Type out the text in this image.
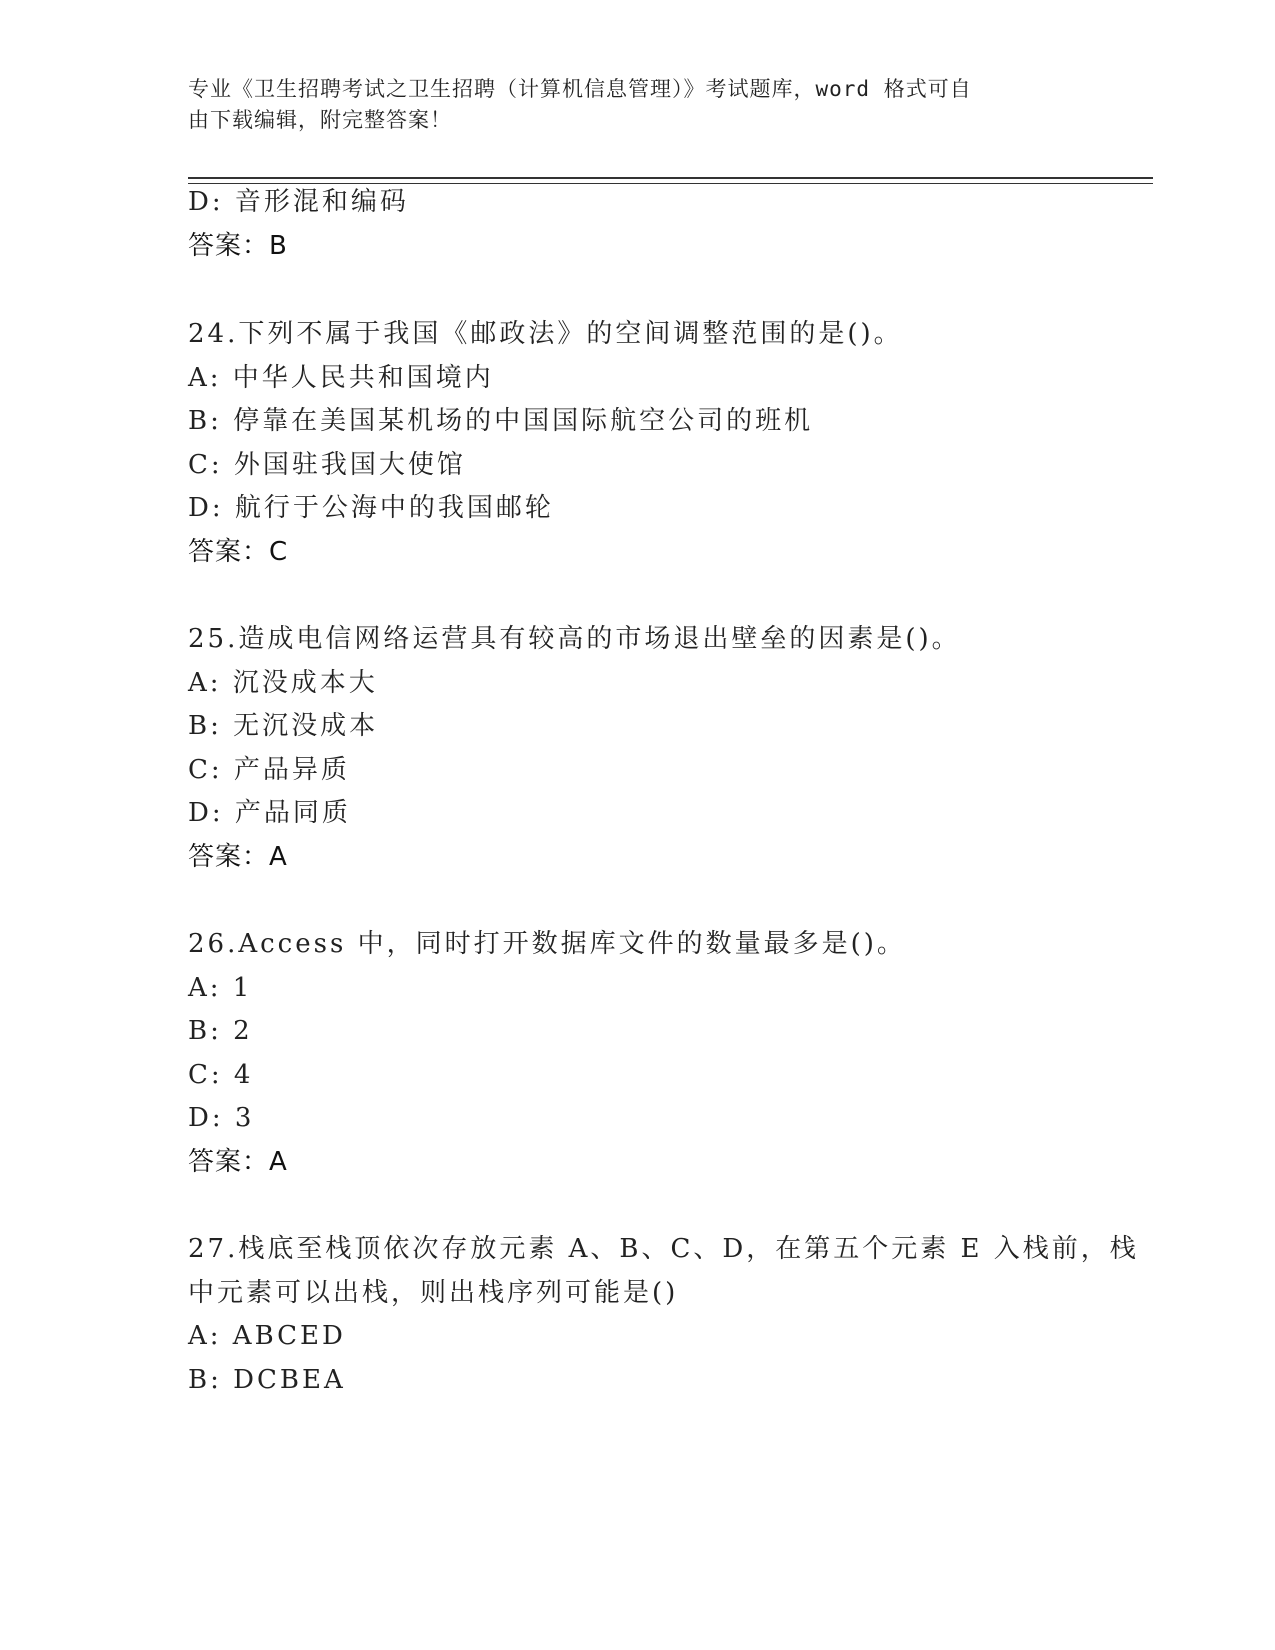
专业《卫生招聘考试之卫生招聘（计算机信息管理）》考试题库，word 格式可自
由下载编辑，附完整答案！
D: 音形混和编码
答案：B
24.下列不属于我国《邮政法》的空间调整范围的是()。
A: 中华人民共和国境内
B: 停靠在美国某机场的中国国际航空公司的班机
C: 外国驻我国大使馆
D: 航行于公海中的我国邮轮
答案：C
25.造成电信网络运营具有较高的市场退出壁垒的因素是()。
A: 沉没成本大
B: 无沉没成本
C: 产品异质
D: 产品同质
答案：A
26.Access 中，同时打开数据库文件的数量最多是()。
A: 1
B: 2
C: 4
D: 3
答案：A
27.栈底至栈顶依次存放元素 A、B、C、D，在第五个元素 E 入栈前，栈
中元素可以出栈，则出栈序列可能是()
A: ABCED
B: DCBEA
